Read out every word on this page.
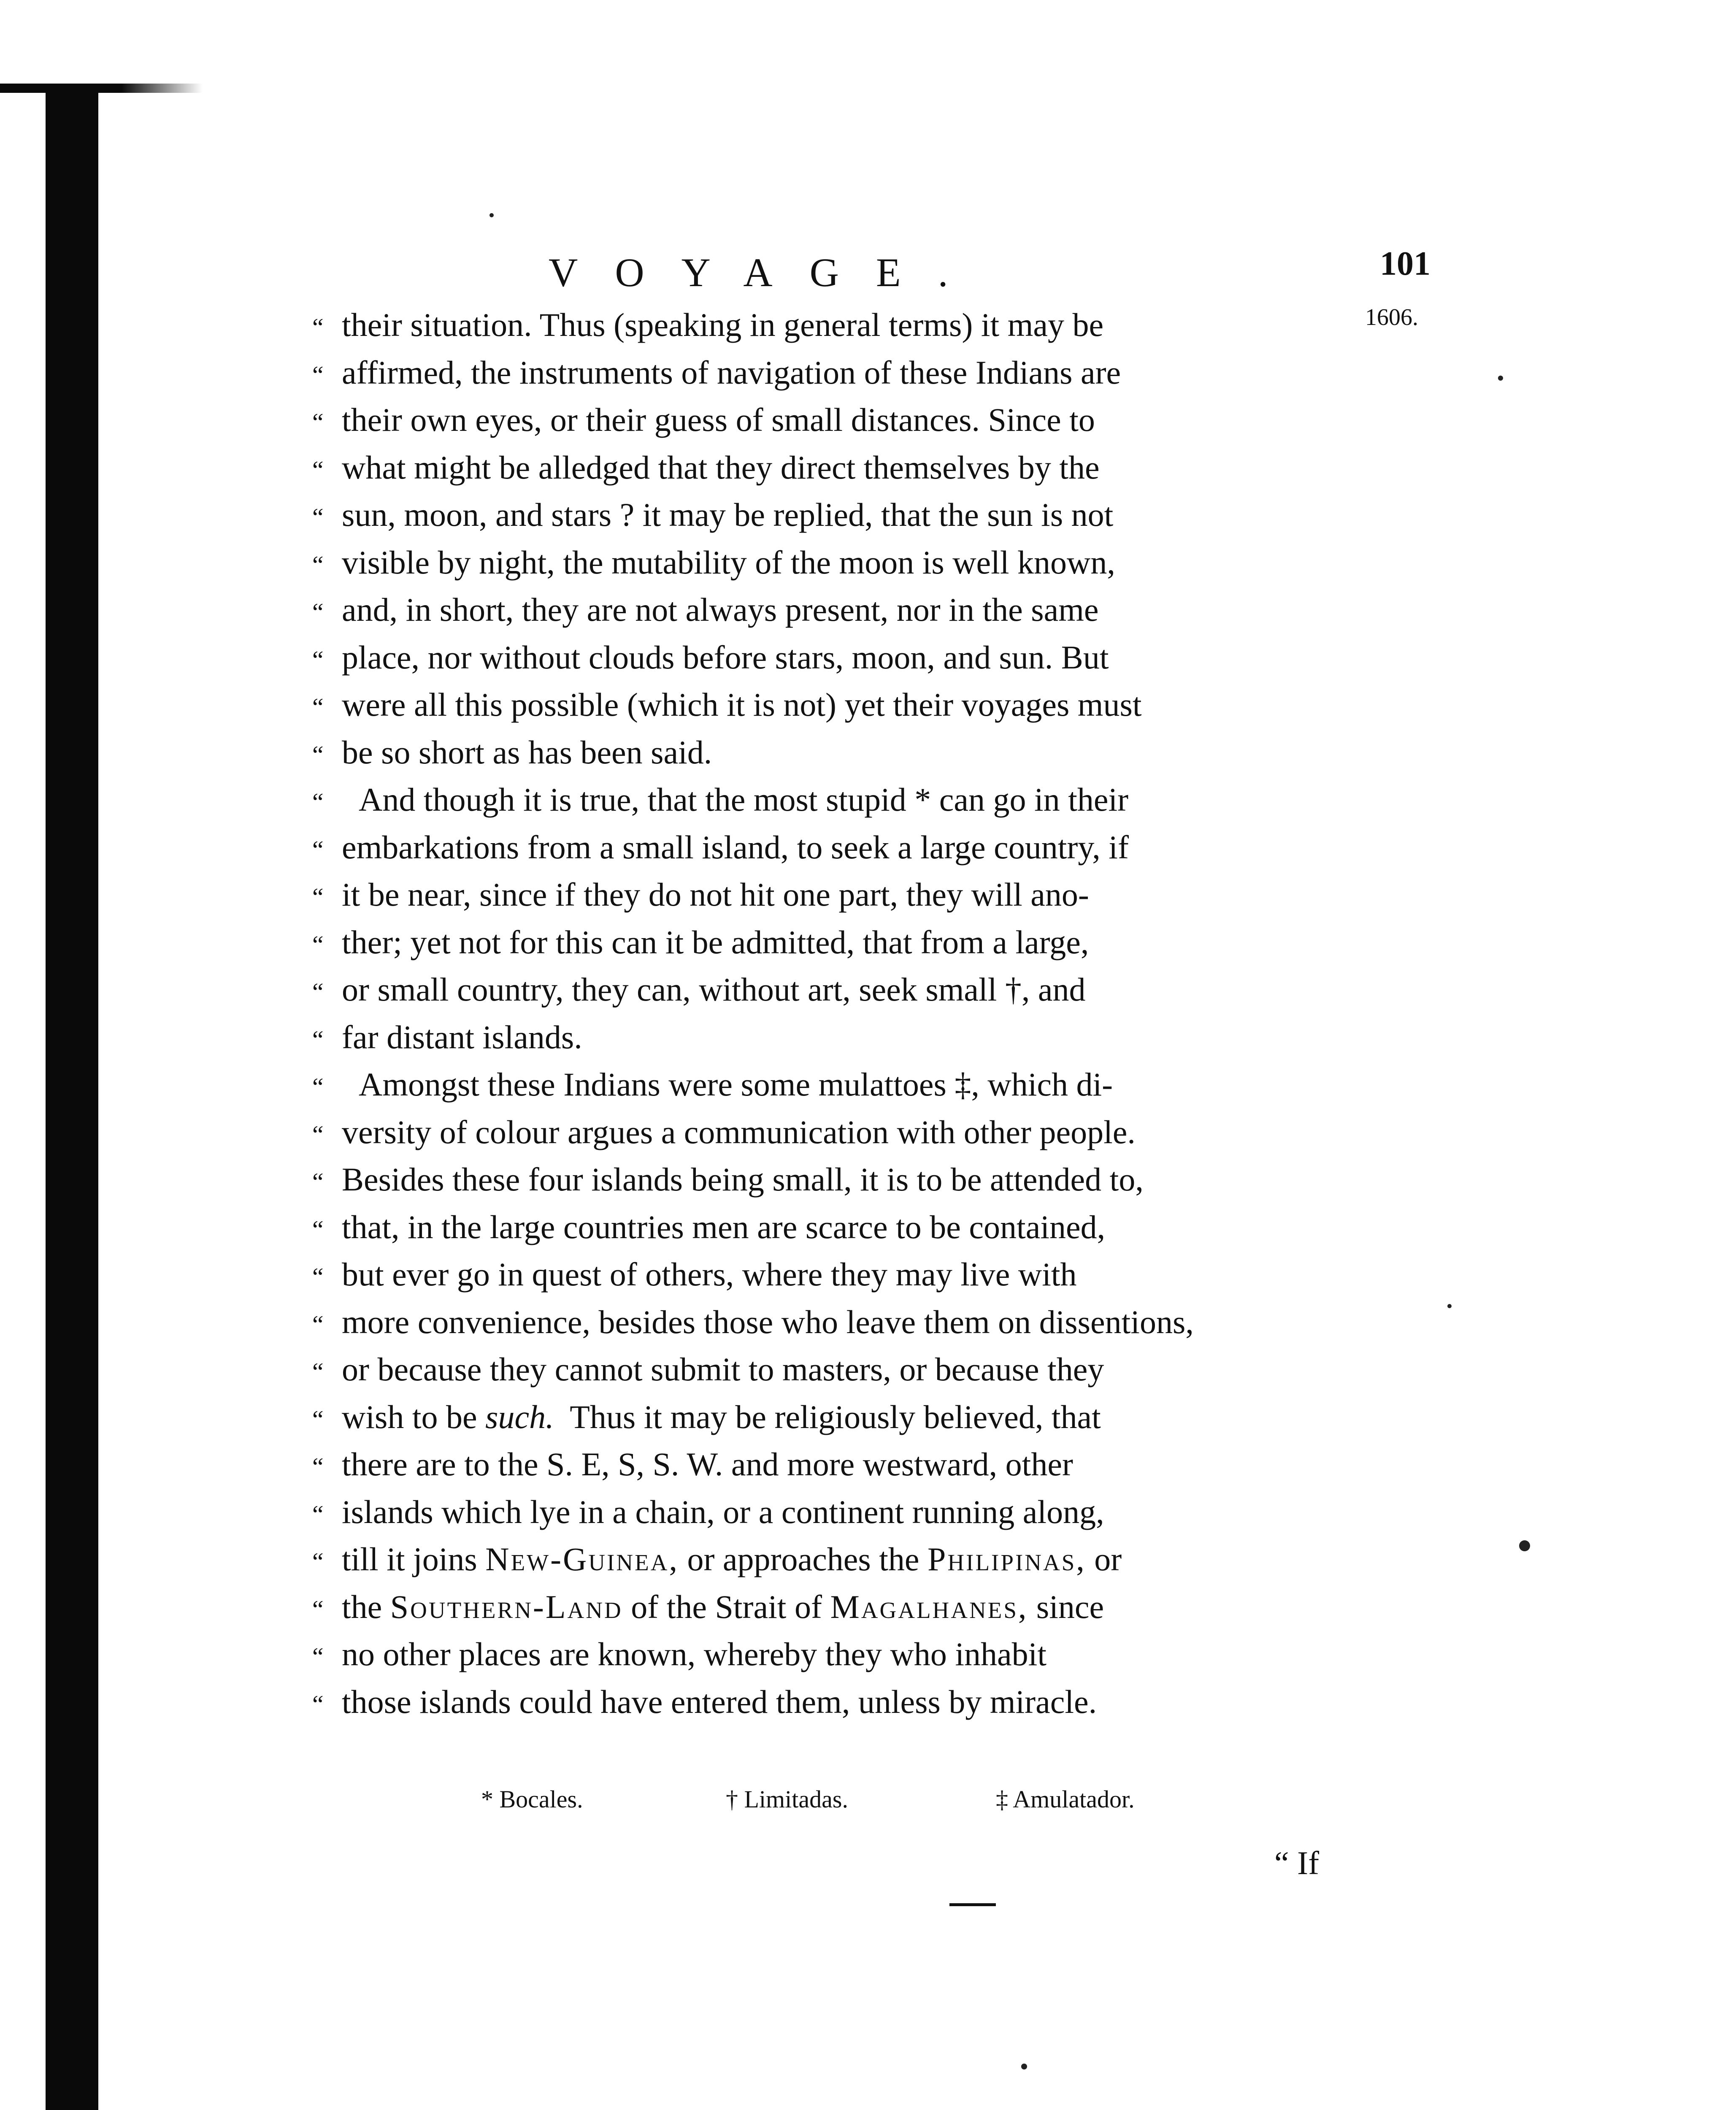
VOYAGE.	101
1606.
“ their situation. Thus (speaking in general terms) it may be
“ affirmed, the instruments of navigation of these Indians are
“ their own eyes, or their guess of small distances. Since to
“ what might be alledged that they direct themselves by the
“ sun, moon, and stars ? it may be replied, that the sun is not
“ visible by night, the mutability of the moon is well known,
“ and, in short, they are not always present, nor in the same
“ place, nor without clouds before stars, moon, and sun. But
“ were all this possible (which it is not) yet their voyages must
“ be so short as has been said.
“ And though it is true, that the most stupid * can go in their
“ embarkations from a small island, to seek a large country, if
“ it be near, since if they do not hit one part, they will ano-
“ ther; yet not for this can it be admitted, that from a large,
“ or small country, they can, without art, seek small †, and
“ far distant islands.
“ Amongst these Indians were some mulattoes ‡, which di-
“ versity of colour argues a communication with other people.
“ Besides these four islands being small, it is to be attended to,
“ that, in the large countries men are scarce to be contained,
“ but ever go in quest of others, where they may live with
“ more convenience, besides those who leave them on dissentions,
“ or because they cannot submit to masters, or because they
“ wish to be such.  Thus it may be religiously believed, that
“ there are to the S. E, S, S. W. and more westward, other
“ islands which lye in a chain, or a continent running along,
“ till it joins New-Guinea, or approaches the Philipinas, or
“ the Southern-Land of the Strait of Magalhanes, since
“ no other places are known, whereby they who inhabit
“ those islands could have entered them, unless by miracle.
* Bocales.	† Limitadas.	‡ Amulatador.
“ If
